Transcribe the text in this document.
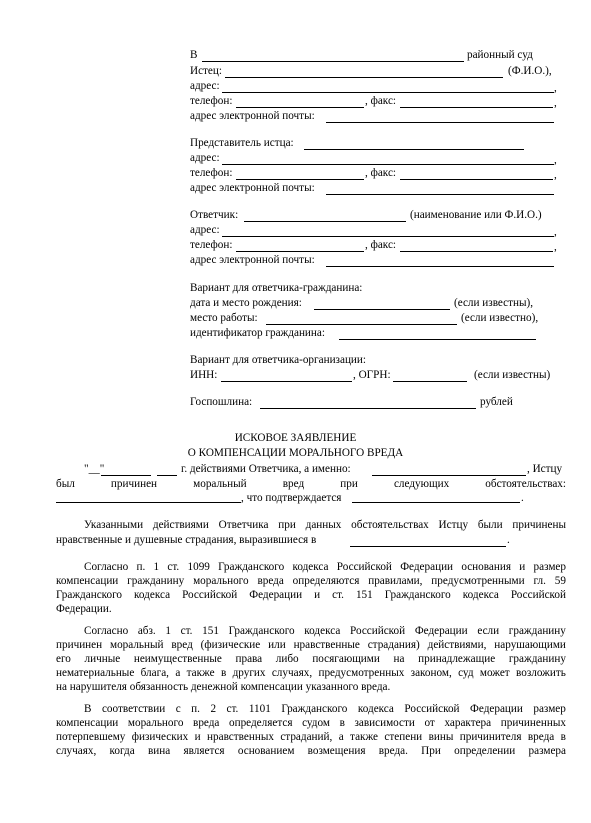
В	районный суд
Истец:	(Ф.И.О.),
адрес:	,
телефон:	, факс:	,
адрес электронной почты:
Представитель истца:
адрес:	,
телефон:	, факс:	,
адрес электронной почты:
Ответчик:	(наименование или Ф.И.О.)
адрес:	,
телефон:	, факс:	,
адрес электронной почты:
Вариант для ответчика-гражданина:
дата и место рождения:	(если известны),
место работы:	(если известно),
идентификатор гражданина:
Вариант для ответчика-организации:
ИНН:	, ОГРН:	(если известны)
Госпошлина:	рублей
ИСКОВОЕ ЗАЯВЛЕНИЕ
О КОМПЕНСАЦИИ МОРАЛЬНОГО ВРЕДА
"__"	г. действиями Ответчика, а именно:	, Истцу
был	причинен	моральный	вред	при	следующих	обстоятельствах:
, что подтверждается	.
Указанными действиями Ответчика при данных обстоятельствах Истцу были причинены
нравственные и душевные страдания, выразившиеся в	.
Согласно п. 1 ст. 1099 Гражданского кодекса Российской Федерации основания и размер
компенсации гражданину морального вреда определяются правилами, предусмотренными гл. 59
Гражданского кодекса Российской Федерации и ст. 151 Гражданского кодекса Российской
Федерации.
Согласно абз. 1 ст. 151 Гражданского кодекса Российской Федерации если гражданину
причинен моральный вред (физические или нравственные страдания) действиями, нарушающими
его личные неимущественные права либо посягающими на принадлежащие гражданину
нематериальные блага, а также в других случаях, предусмотренных законом, суд может возложить
на нарушителя обязанность денежной компенсации указанного вреда.
В соответствии с п. 2 ст. 1101 Гражданского кодекса Российской Федерации размер
компенсации морального вреда определяется судом в зависимости от характера причиненных
потерпевшему физических и нравственных страданий, а также степени вины причинителя вреда в
случаях, когда вина является основанием возмещения вреда. При определении размера
